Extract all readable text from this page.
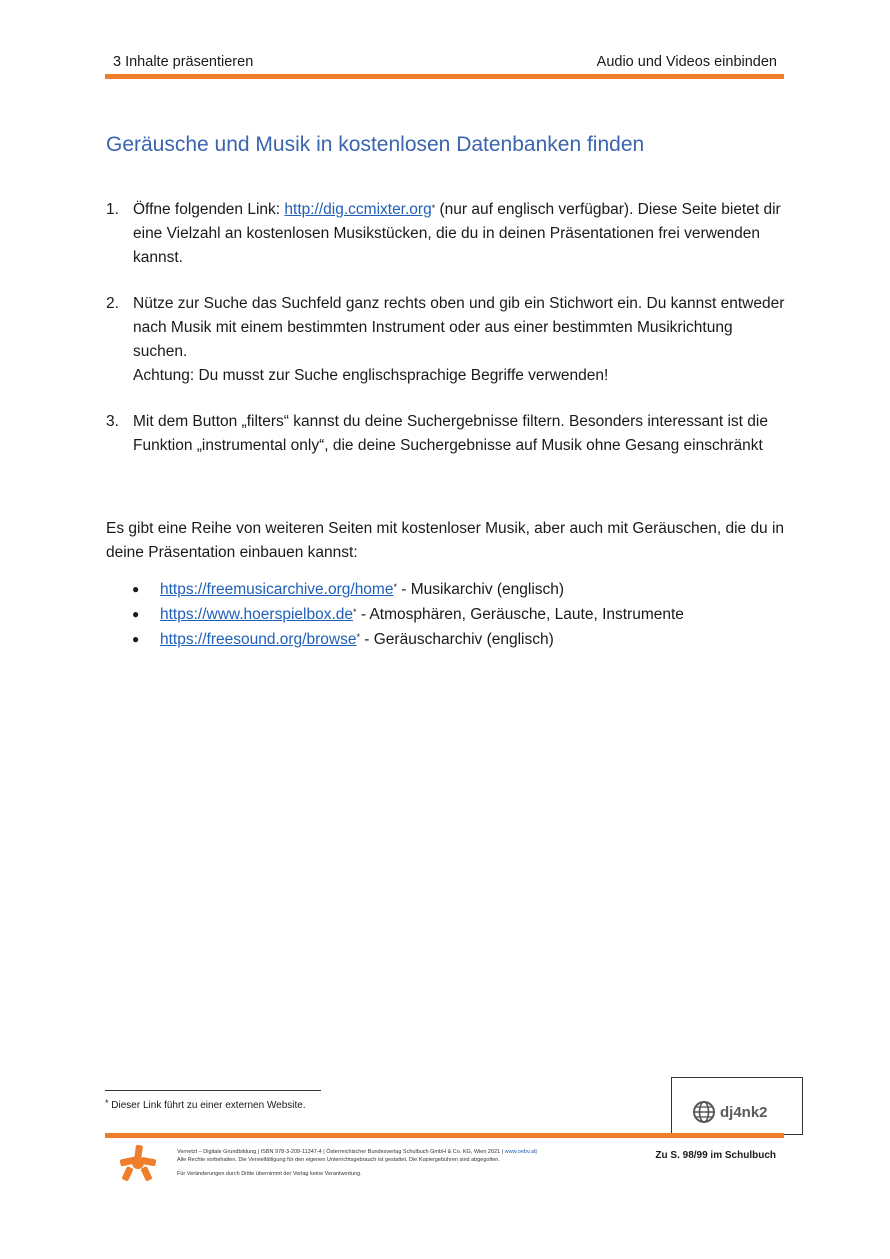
3 Inhalte präsentieren	Audio und Videos einbinden
Geräusche und Musik in kostenlosen Datenbanken finden
1. Öffne folgenden Link: http://dig.ccmixter.org* (nur auf englisch verfügbar). Diese Seite bietet dir eine Vielzahl an kostenlosen Musikstücken, die du in deinen Präsentationen frei verwenden kannst.
2. Nütze zur Suche das Suchfeld ganz rechts oben und gib ein Stichwort ein. Du kannst entweder nach Musik mit einem bestimmten Instrument oder aus einer bestimmten Musikrichtung suchen.
Achtung: Du musst zur Suche englischsprachige Begriffe verwenden!
3. Mit dem Button „filters“ kannst du deine Suchergebnisse filtern. Besonders interessant ist die Funktion „instrumental only“, die deine Suchergebnisse auf Musik ohne Gesang einschränkt

Es gibt eine Reihe von weiteren Seiten mit kostenloser Musik, aber auch mit Geräuschen, die du in deine Präsentation einbauen kannst:

● https://freemusicarchive.org/home* - Musikarchiv (englisch)
● https://www.hoerspielbox.de* - Atmosphären, Geräusche, Laute, Instrumente
● https://freesound.org/browse* - Geräuscharchiv (englisch)
* Dieser Link führt zu einer externen Website.	dj4nk2
Vernetzt – Digitale Grundbildung | ISBN 978-3-209-11347-4 | Österreichischer Bundesverlag Schulbuch GmbH & Co. KG, Wien 2021 | www.oebv.at|
Alle Rechte vorbehalten. Die Vervielfältigung für den eigenen Unterrichtsgebrauch ist gestattet. Die Kopiergebühren sind abgegolten.
Für Veränderungen durch Dritte übernimmt der Verlag keine Verantwortung.
Zu S. 98/99 im Schulbuch
